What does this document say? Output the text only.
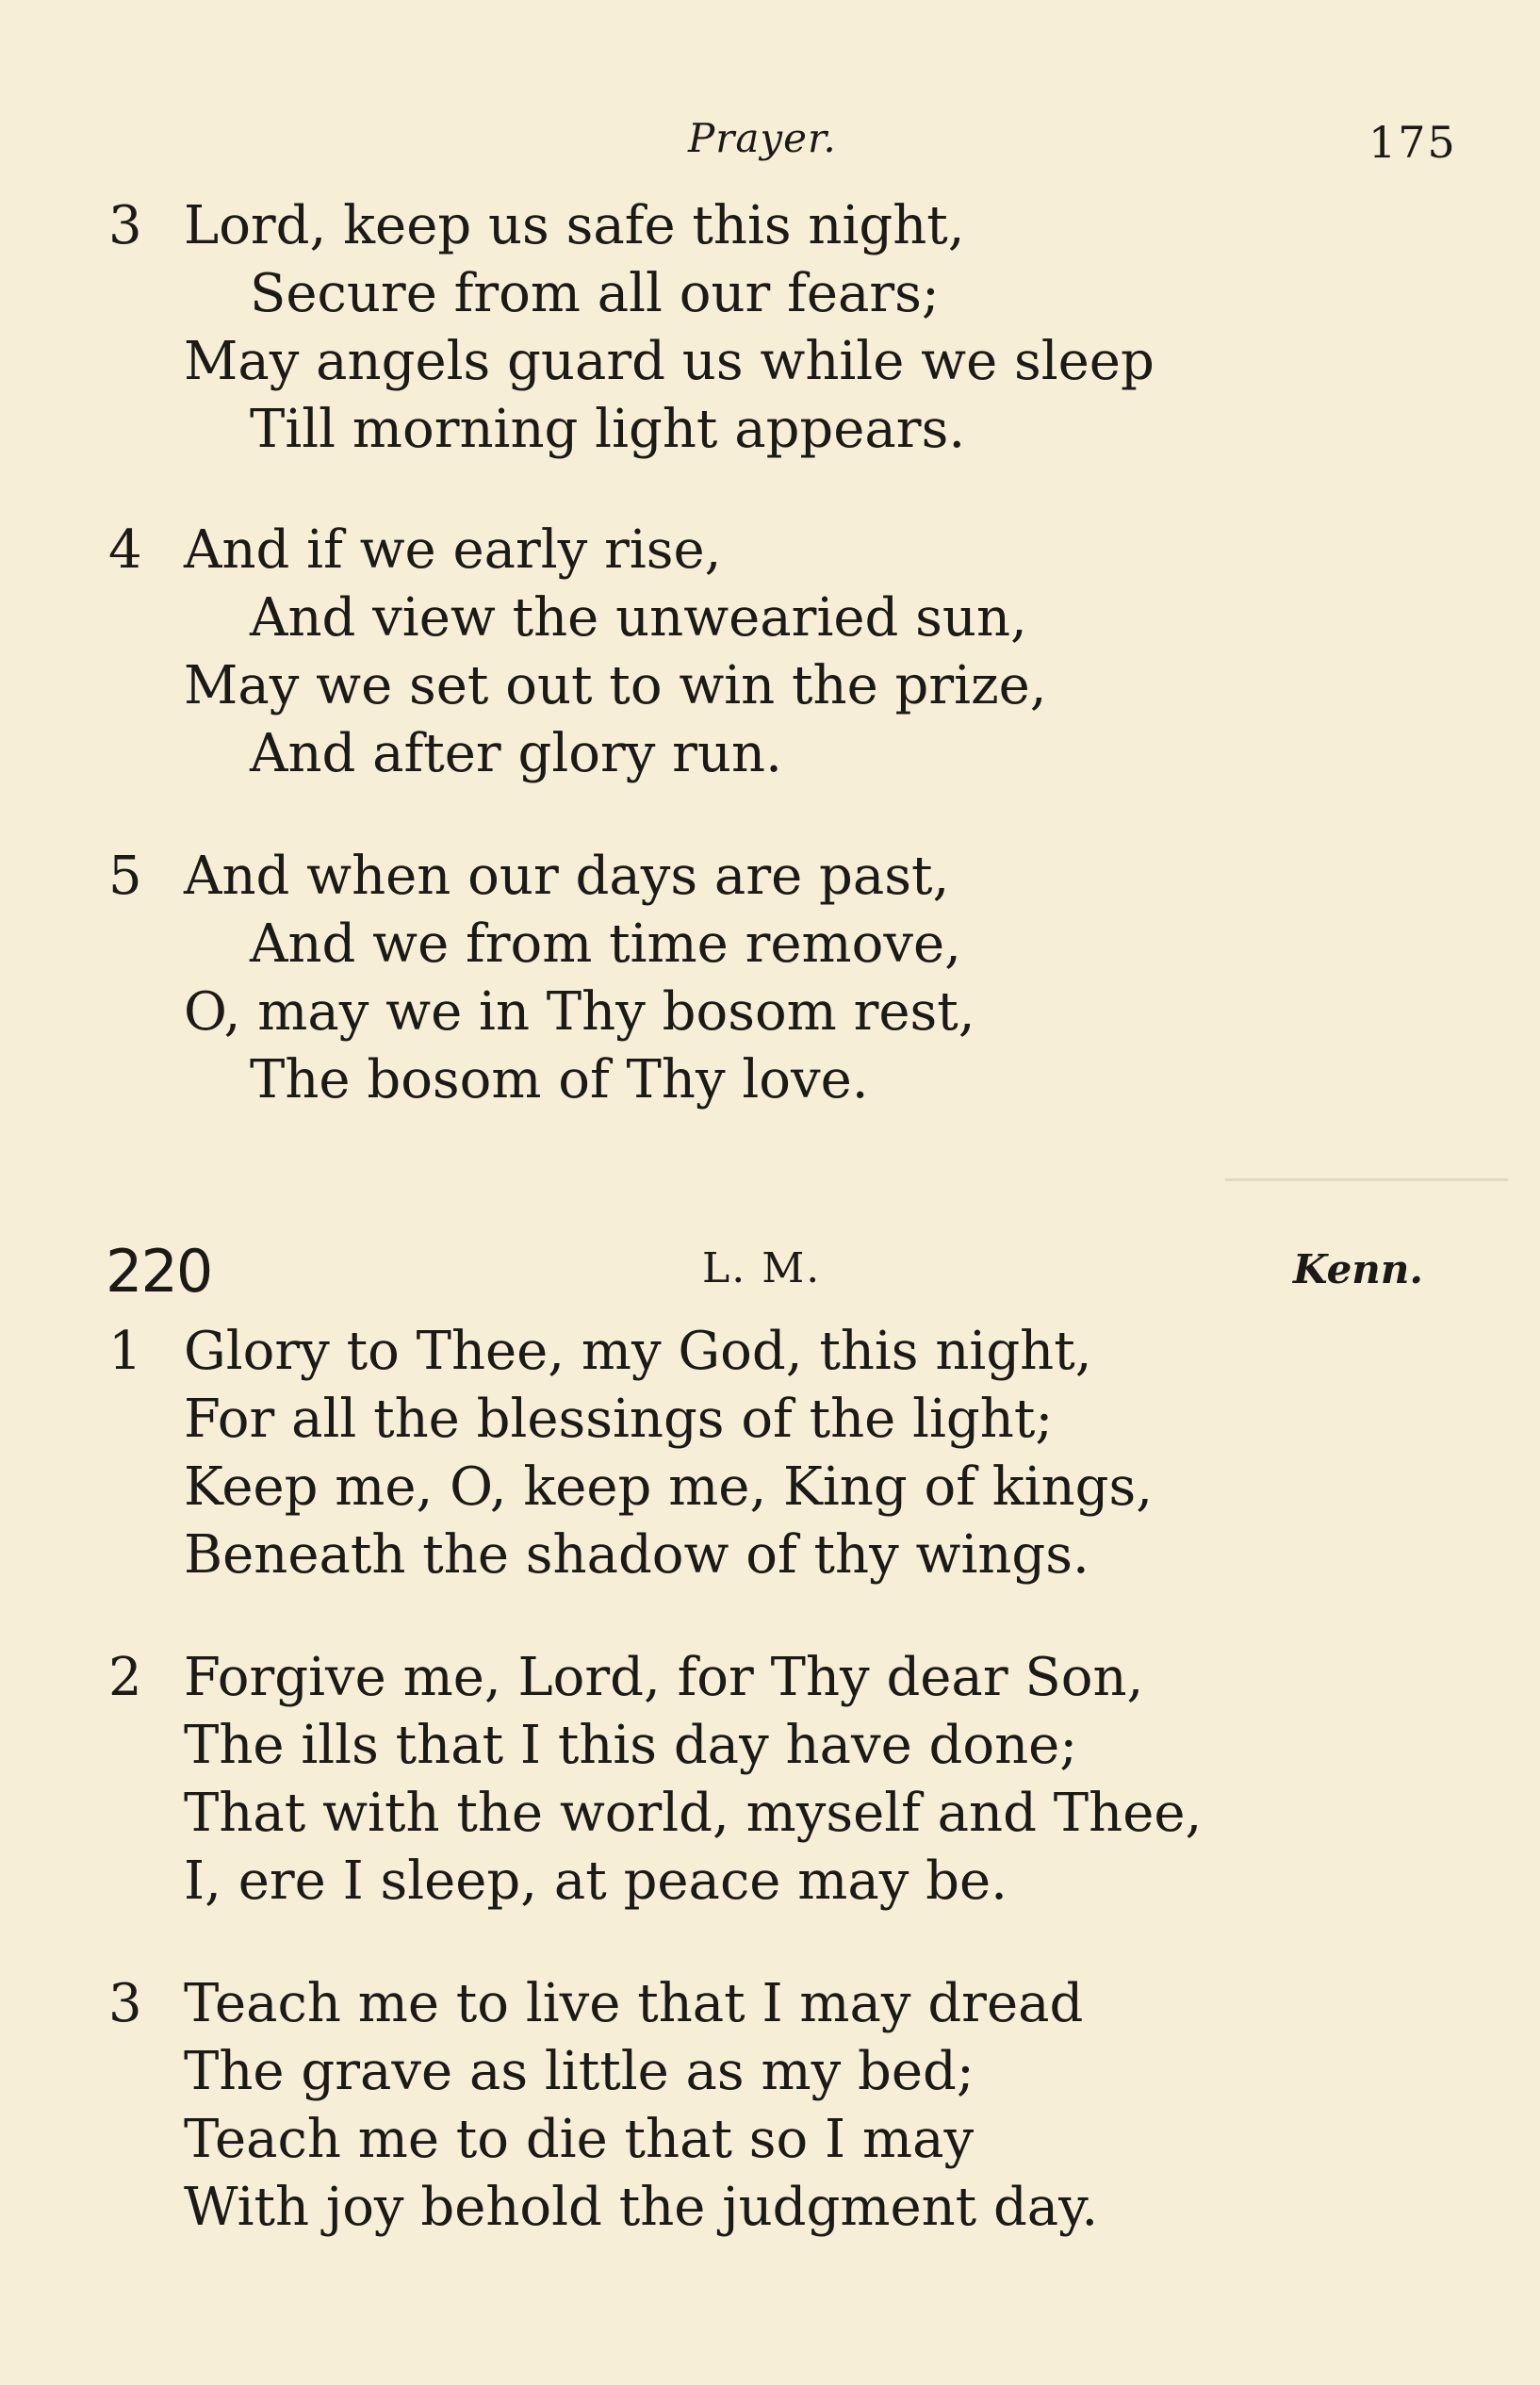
Prayer.	175
3 Lord, keep us safe this night,
Secure from all our fears;
May angels guard us while we sleep
Till morning light appears.
4 And if we early rise,
And view the unwearied sun,
May we set out to win the prize,
And after glory run.
5 And when our days are past,
And we from time remove,
O, may we in Thy bosom rest,
The bosom of Thy love.
220	L. M.	Kenn.
1 Glory to Thee, my God, this night,
For all the blessings of the light;
Keep me, O, keep me, King of kings,
Beneath the shadow of thy wings.
2 Forgive me, Lord, for Thy dear Son,
The ills that I this day have done;
That with the world, myself and Thee,
I, ere I sleep, at peace may be.
3 Teach me to live that I may dread
The grave as little as my bed;
Teach me to die that so I may
With joy behold the judgment day.
